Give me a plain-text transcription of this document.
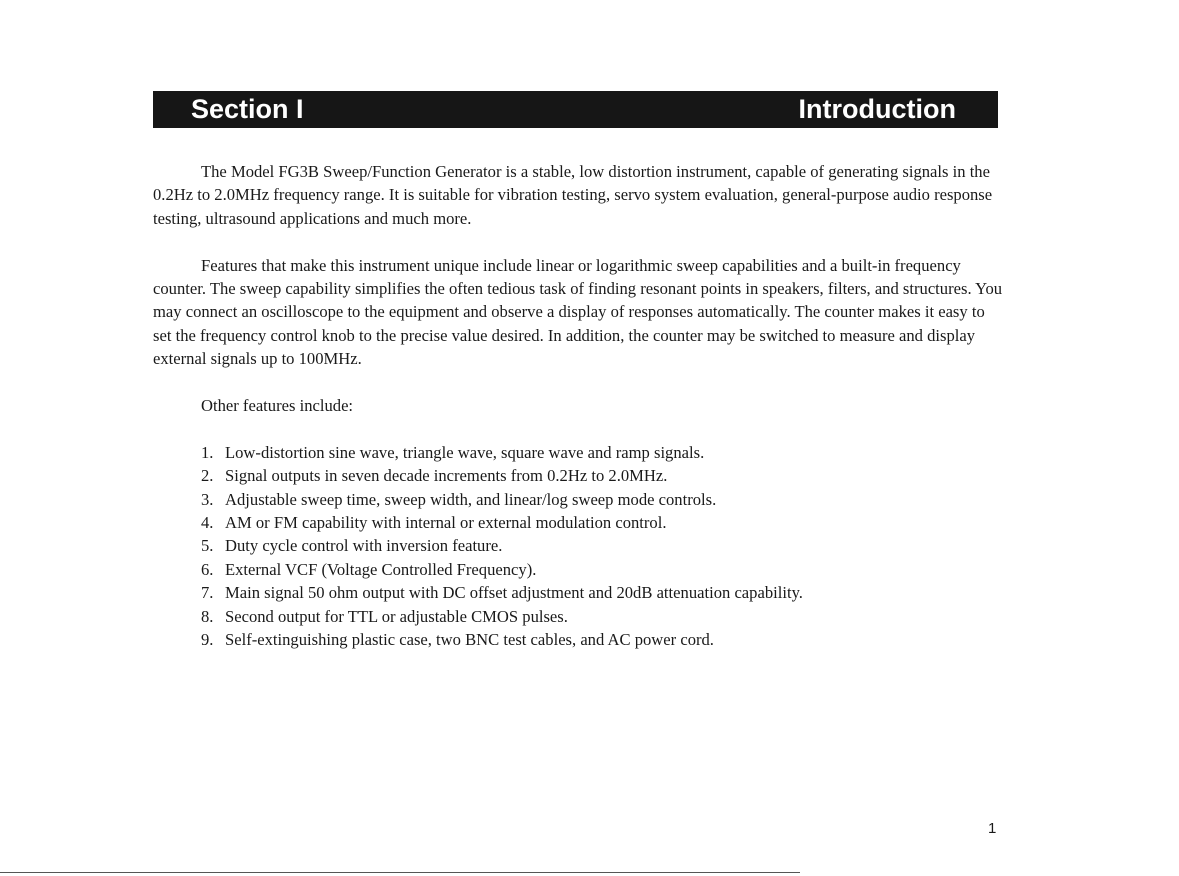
Section I	Introduction

The Model FG3B Sweep/Function Generator is a stable, low distortion instrument, capable of generating signals in the 0.2Hz to 2.0MHz frequency range. It is suitable for vibration testing, servo system evaluation, general-purpose audio response testing, ultrasound applications and much more.

Features that make this instrument unique include linear or logarithmic sweep capabilities and a built-in frequency counter. The sweep capability simplifies the often tedious task of finding resonant points in speakers, filters, and structures. You may connect an oscilloscope to the equipment and observe a display of responses automatically. The counter makes it easy to set the frequency control knob to the precise value desired. In addition, the counter may be switched to measure and display external signals up to 100MHz.

Other features include:

1. Low-distortion sine wave, triangle wave, square wave and ramp signals.
2. Signal outputs in seven decade increments from 0.2Hz to 2.0MHz.
3. Adjustable sweep time, sweep width, and linear/log sweep mode controls.
4. AM or FM capability with internal or external modulation control.
5. Duty cycle control with inversion feature.
6. External VCF (Voltage Controlled Frequency).
7. Main signal 50 ohm output with DC offset adjustment and 20dB attenuation capability.
8. Second output for TTL or adjustable CMOS pulses.
9. Self-extinguishing plastic case, two BNC test cables, and AC power cord.
1
